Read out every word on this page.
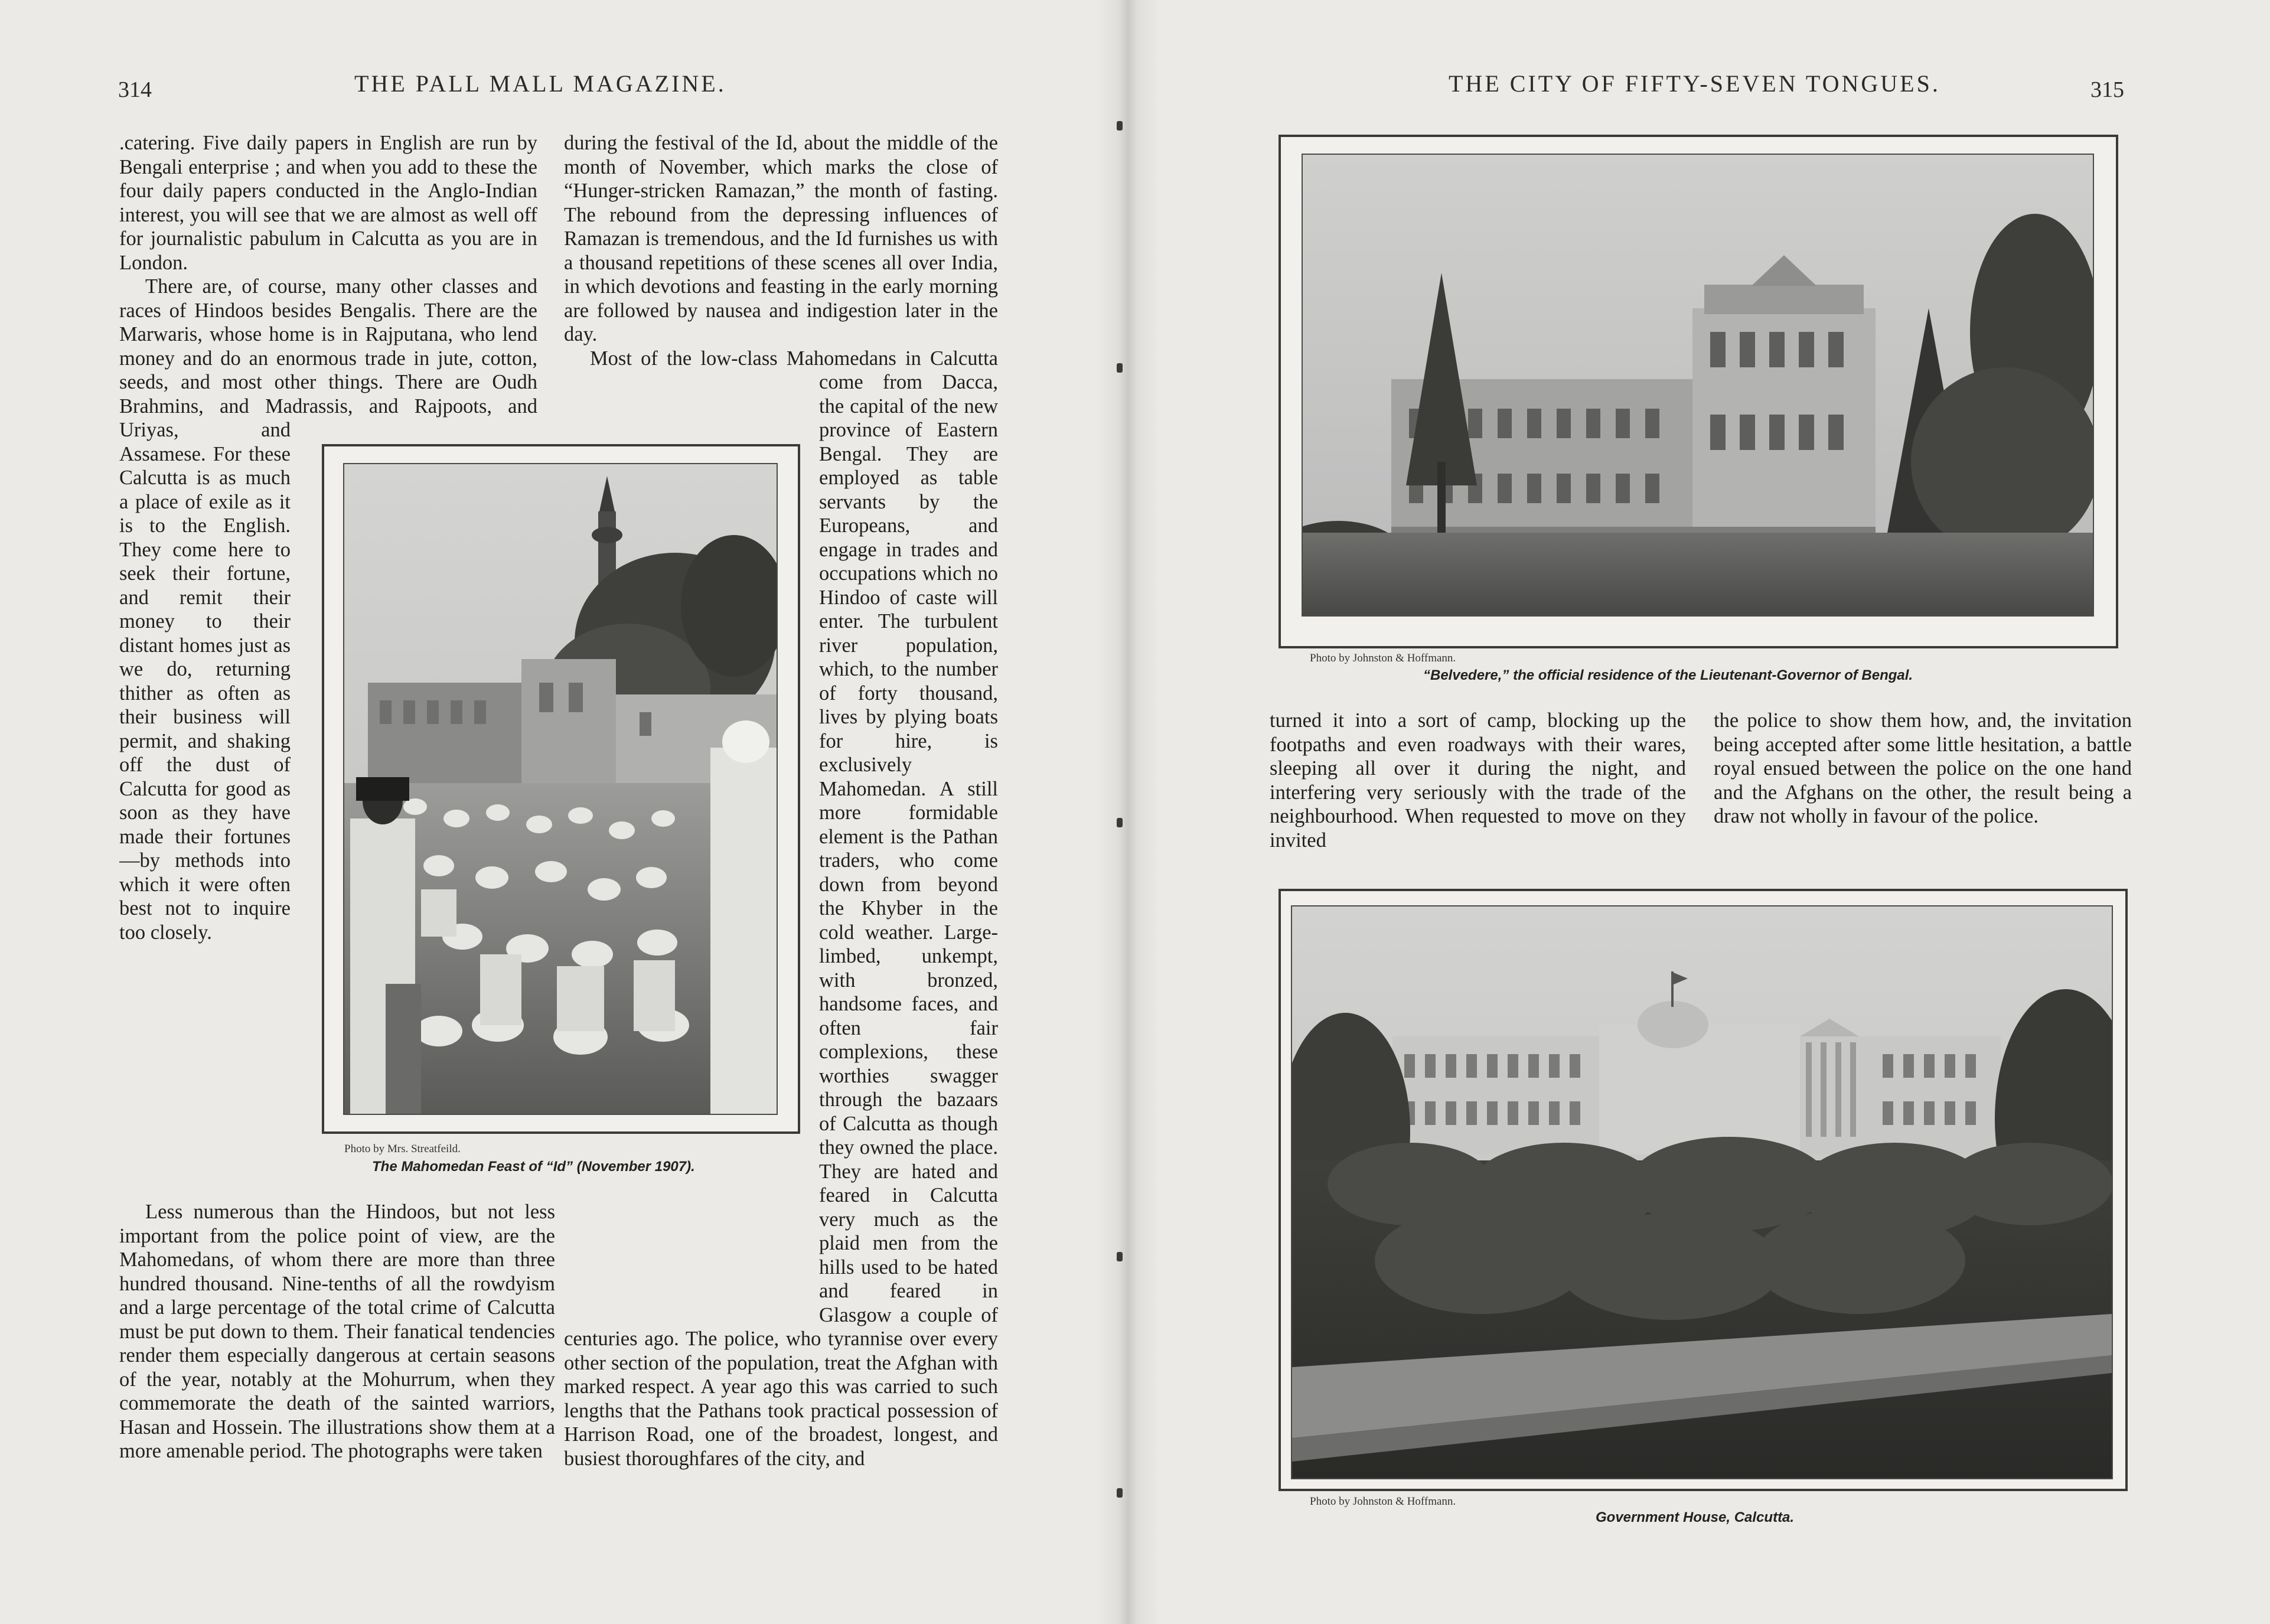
314	THE PALL MALL MAGAZINE.

.catering. Five daily papers in English are run by Bengali enterprise ; and when you add to these the four daily papers conducted in the Anglo-Indian interest, you will see that we are almost as well off for journalistic pabulum in Calcutta as you are in London.

There are, of course, many other classes and races of Hindoos besides Bengalis. There are the Marwaris, whose home is in Rajputana, who lend money and do an enormous trade in jute, cotton, seeds, and most other things. There are Oudh Brahmins, and Madrassis, and Rajpoots, and Uriyas, and Assamese. For these Calcutta is as much a place of exile as it is to the English. They come here to seek their fortune, and remit their money to their distant homes just as we do, returning thither as often as their business will permit, and shaking off the dust of Calcutta for good as soon as they have made their fortunes—by methods into which it were often best not to inquire too closely.

Less numerous than the Hindoos, but not less important from the police point of view, are the Mahomedans, of whom there are more than three hundred thousand. Nine-tenths of all the rowdyism and a large percentage of the total crime of Calcutta must be put down to them. Their fanatical tendencies render them especially dangerous at certain seasons of the year, notably at the Mohurrum, when they commemorate the death of the sainted warriors, Hasan and Hossein. The illustrations show them at a more amenable period. The photographs were taken

during the festival of the Id, about the middle of the month of November, which marks the close of “Hunger-stricken Ramazan,” the month of fasting. The rebound from the depressing influences of Ramazan is tremendous, and the Id furnishes us with a thousand repetitions of these scenes all over India, in which devotions and feasting in the early morning are followed by nausea and indigestion later in the day.

Most of the low-class Mahomedans in Calcutta come from Dacca, the capital of the new province of Eastern Bengal. They are employed as table servants by the Europeans, and engage in trades and occupations which no Hindoo of caste will enter. The turbulent river population, which, to the number of forty thousand, lives by plying boats for hire, is exclusively Mahomedan. A still more formidable element is the Pathan traders, who come down from beyond the Khyber in the cold weather. Large-limbed, unkempt, with bronzed, handsome faces, and often fair complexions, these worthies swagger through the bazaars of Calcutta as though they owned the place. They are hated and feared in Calcutta very much as the plaid men from the hills used to be hated and feared in Glasgow a couple of centuries ago. The police, who tyrannise over every other section of the population, treat the Afghan with marked respect. A year ago this was carried to such lengths that the Pathans took practical possession of Harrison Road, one of the broadest, longest, and busiest thoroughfares of the city, and

Photo by Mrs. Streatfeild.
The Mahomedan Feast of “Id” (November 1907).
THE CITY OF FIFTY-SEVEN TONGUES.	315
Photo by Johnston & Hoffmann.
“Belvedere,” the official residence of the Lieutenant-Governor of Bengal.

turned it into a sort of camp, blocking up the footpaths and even roadways with their wares, sleeping all over it during the night, and interfering very seriously with the trade of the neighbourhood. When requested to move on they invited

the police to show them how, and, the invitation being accepted after some little hesitation, a battle royal ensued between the police on the one hand and the Afghans on the other, the result being a draw not wholly in favour of the police.

Photo by Johnston & Hoffmann.
Government House, Calcutta.
